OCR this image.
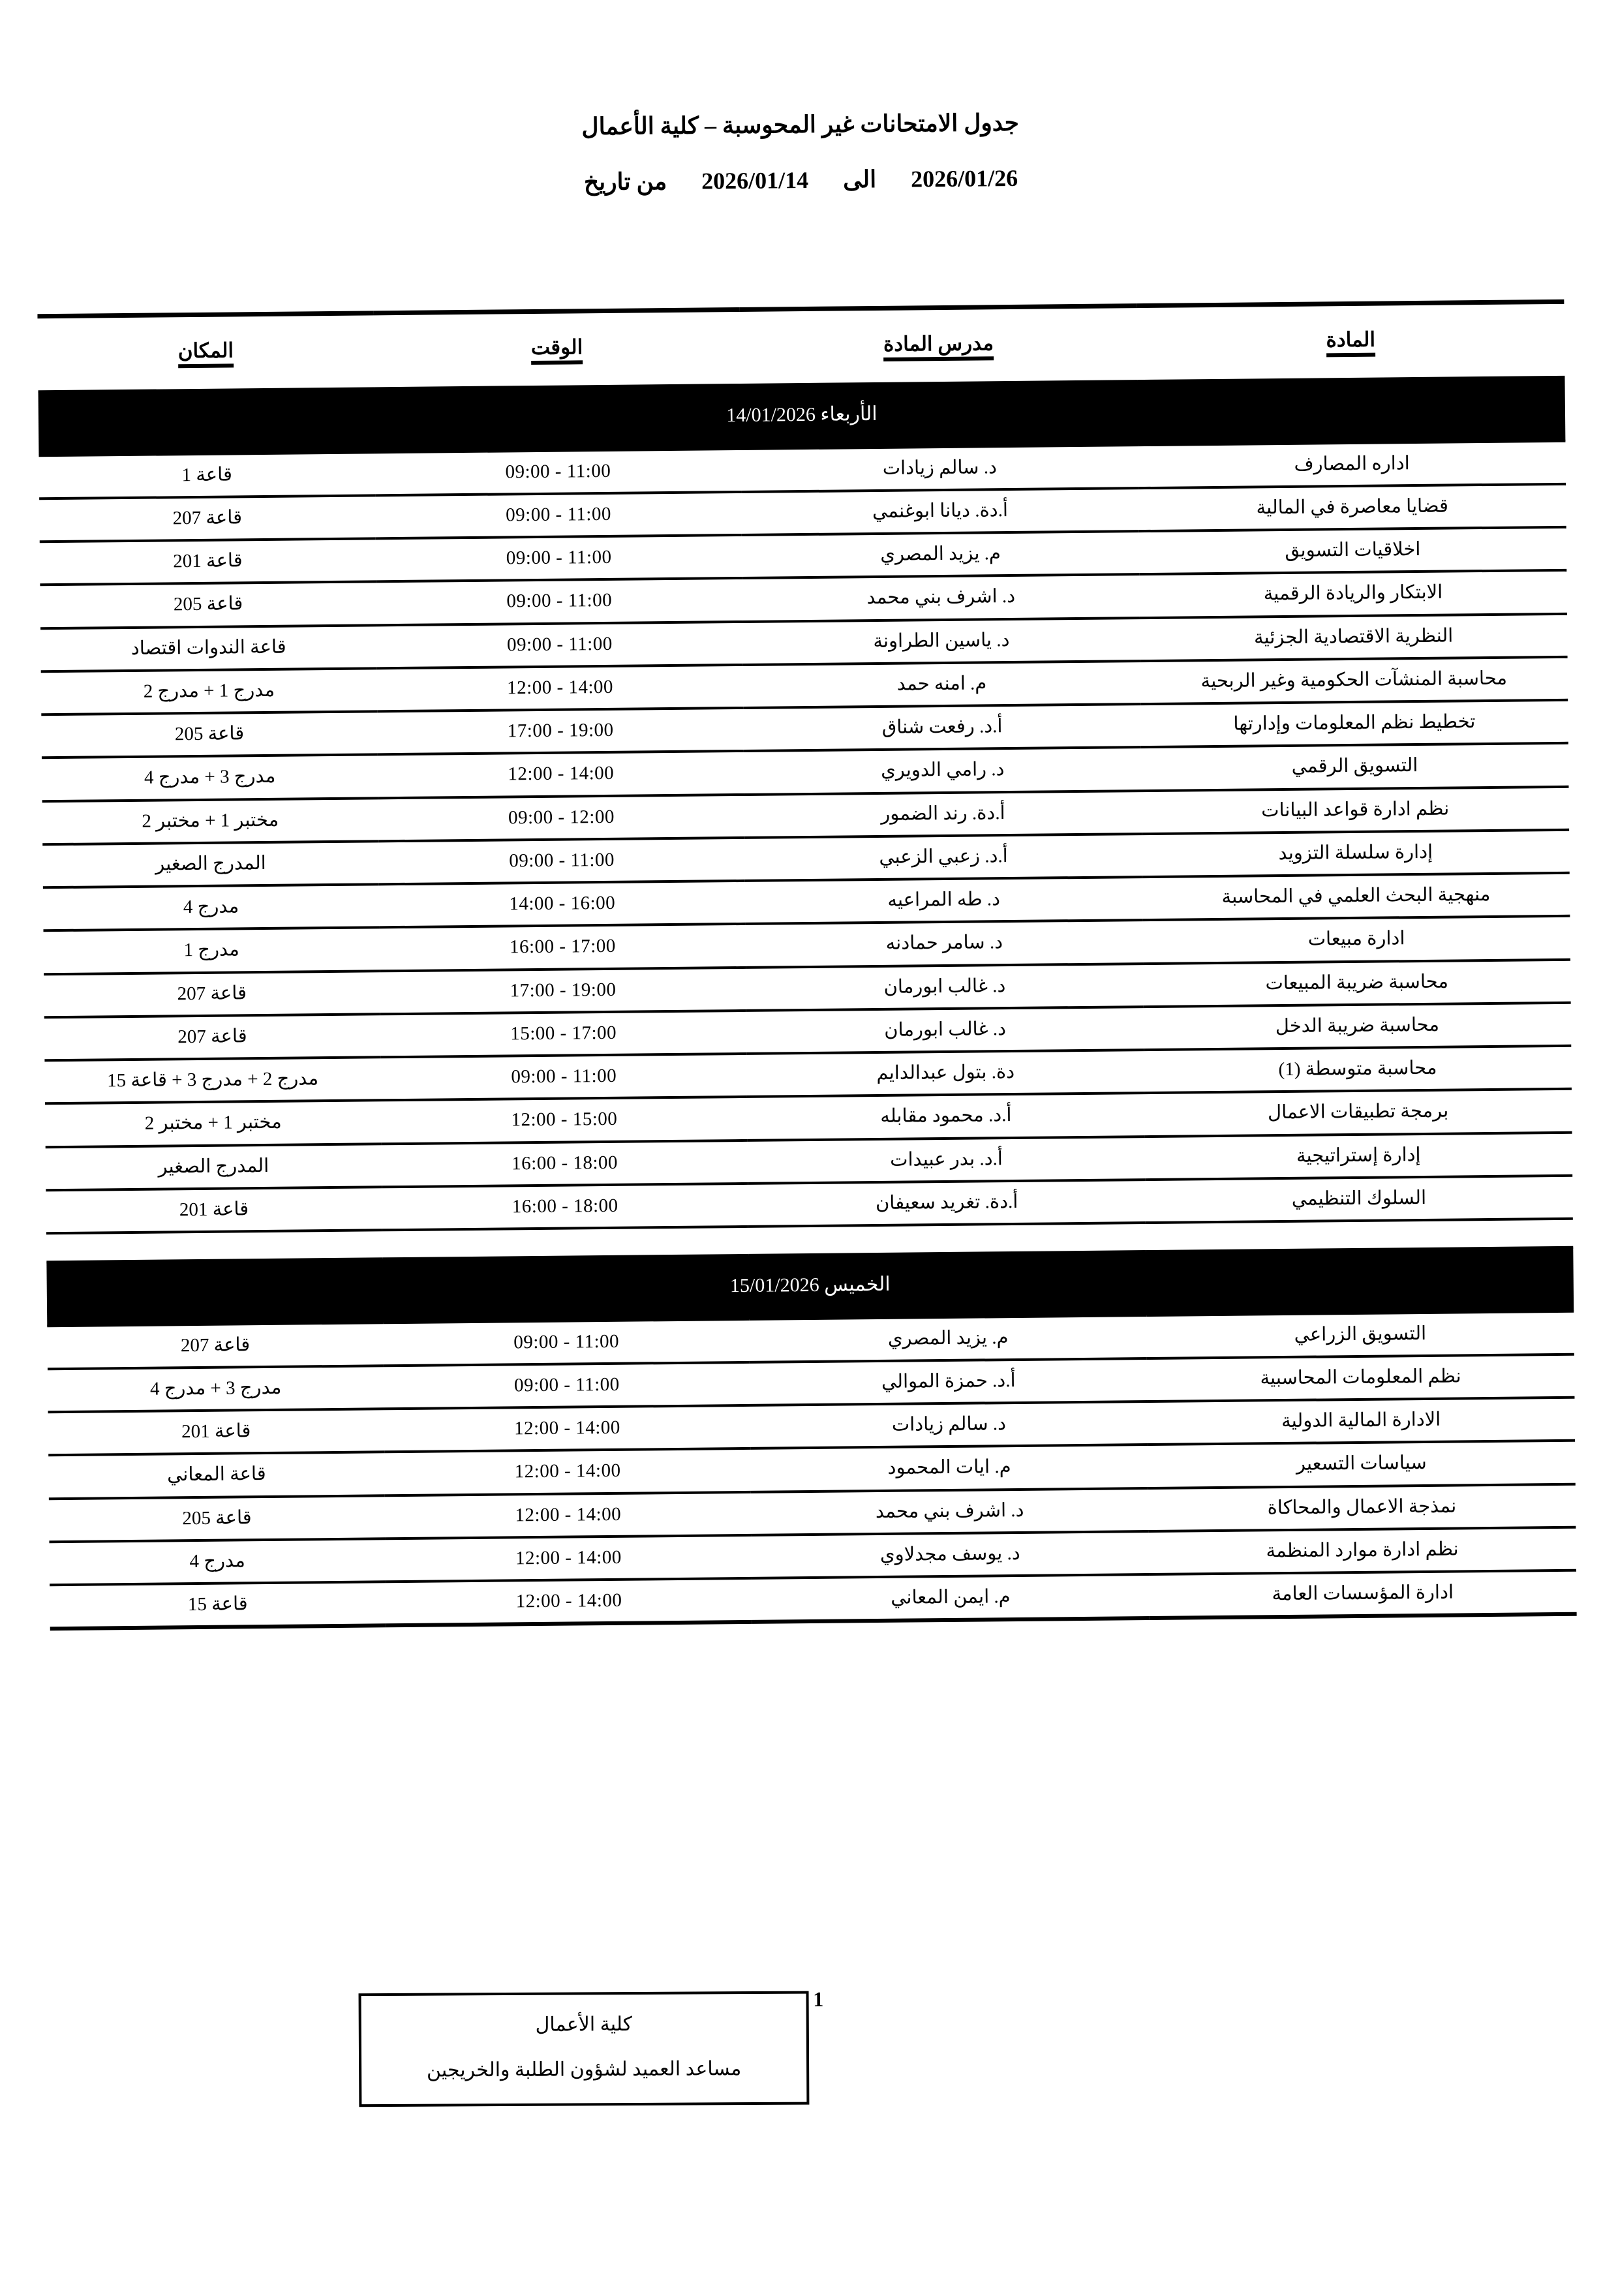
جدول الامتحانات غير المحوسبة – كلية الأعمال
2026/01/26 الى 2026/01/14 من تاريخ
المادة	مدرس المادة	الوقت	المكان
الأربعاء 14/01/2026			
اداره المصارف	د. سالم زيادات	09:00 - 11:00	قاعة 1
قضايا معاصرة في المالية	أ.دة. ديانا ابوغنمي	09:00 - 11:00	قاعة 207
اخلاقيات التسويق	م. يزيد المصري	09:00 - 11:00	قاعة 201
الابتكار والريادة الرقمية	د. اشرف بني محمد	09:00 - 11:00	قاعة 205
النظرية الاقتصادية الجزئية	د. ياسين الطراونة	09:00 - 11:00	قاعة الندوات اقتصاد
محاسبة المنشآت الحكومية وغير الربحية	م. امنه حمد	12:00 - 14:00	مدرج 1 + مدرج 2
تخطيط نظم المعلومات وإدارتها	أ.د. رفعت شناق	17:00 - 19:00	قاعة 205
التسويق الرقمي	د. رامي الدويري	12:00 - 14:00	مدرج 3 + مدرج 4
نظم ادارة قواعد البيانات	أ.دة. رند الضمور	09:00 - 12:00	مختبر 1 + مختبر 2
إدارة سلسلة التزويد	أ.د. زعبي الزعبي	09:00 - 11:00	المدرج الصغير
منهجية البحث العلمي في المحاسبة	د. طه المراعيه	14:00 - 16:00	مدرج 4
ادارة مبيعات	د. سامر حمادنه	16:00 - 17:00	مدرج 1
محاسبة ضريبة المبيعات	د. غالب ابورمان	17:00 - 19:00	قاعة 207
محاسبة ضريبة الدخل	د. غالب ابورمان	15:00 - 17:00	قاعة 207
محاسبة متوسطة (1)	دة. بتول عبدالدايم	09:00 - 11:00	مدرج 2 + مدرج 3 + قاعة 15
برمجة تطبيقات الاعمال	أ.د. محمود مقابله	12:00 - 15:00	مختبر 1 + مختبر 2
إدارة إستراتيجية	أ.د. بدر عبيدات	16:00 - 18:00	المدرج الصغير
السلوك التنظيمي	أ.دة. تغريد سعيفان	16:00 - 18:00	قاعة 201

الخميس 15/01/2026			
التسويق الزراعي	م. يزيد المصري	09:00 - 11:00	قاعة 207
نظم المعلومات المحاسبية	أ.د. حمزة الموالي	09:00 - 11:00	مدرج 3 + مدرج 4
الادارة المالية الدولية	د. سالم زيادات	12:00 - 14:00	قاعة 201
سياسات التسعير	م. ايات المحمود	12:00 - 14:00	قاعة المعاني
نمذجة الاعمال والمحاكاة	د. اشرف بني محمد	12:00 - 14:00	قاعة 205
نظم ادارة موارد المنظمة	د. يوسف مجدلاوي	12:00 - 14:00	مدرج 4
ادارة المؤسسات العامة	م. ايمن المعاني	12:00 - 14:00	قاعة 15

1
كلية الأعمال
مساعد العميد لشؤون الطلبة والخريجين
